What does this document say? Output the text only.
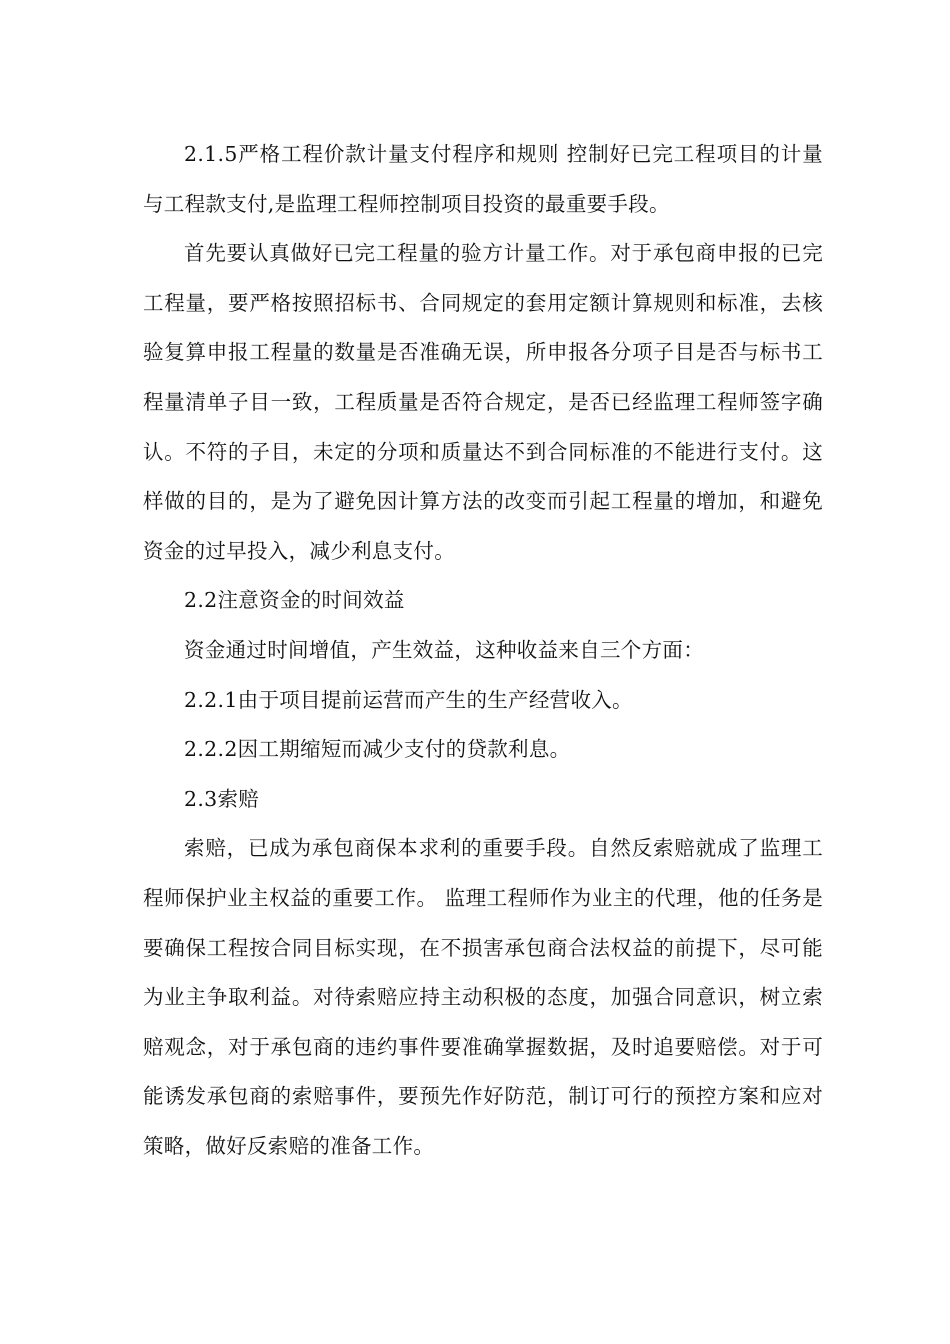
2.1.5严格工程价款计量支付程序和规则 控制好已完工程项目的计量与工程款支付,是监理工程师控制项目投资的最重要手段。

首先要认真做好已完工程量的验方计量工作。对于承包商申报的已完工程量，要严格按照招标书、合同规定的套用定额计算规则和标准，去核验复算申报工程量的数量是否准确无误，所申报各分项子目是否与标书工程量清单子目一致，工程质量是否符合规定，是否已经监理工程师签字确认。不符的子目，未定的分项和质量达不到合同标准的不能进行支付。这样做的目的，是为了避免因计算方法的改变而引起工程量的增加，和避免资金的过早投入，减少利息支付。

2.2注意资金的时间效益

资金通过时间增值，产生效益，这种收益来自三个方面：

2.2.1由于项目提前运营而产生的生产经营收入。

2.2.2因工期缩短而减少支付的贷款利息。

2.3索赔

索赔，已成为承包商保本求利的重要手段。自然反索赔就成了监理工程师保护业主权益的重要工作。 监理工程师作为业主的代理，他的任务是要确保工程按合同目标实现，在不损害承包商合法权益的前提下，尽可能为业主争取利益。对待索赔应持主动积极的态度，加强合同意识，树立索赔观念，对于承包商的违约事件要准确掌握数据，及时追要赔偿。对于可能诱发承包商的索赔事件，要预先作好防范，制订可行的预控方案和应对策略，做好反索赔的准备工作。
